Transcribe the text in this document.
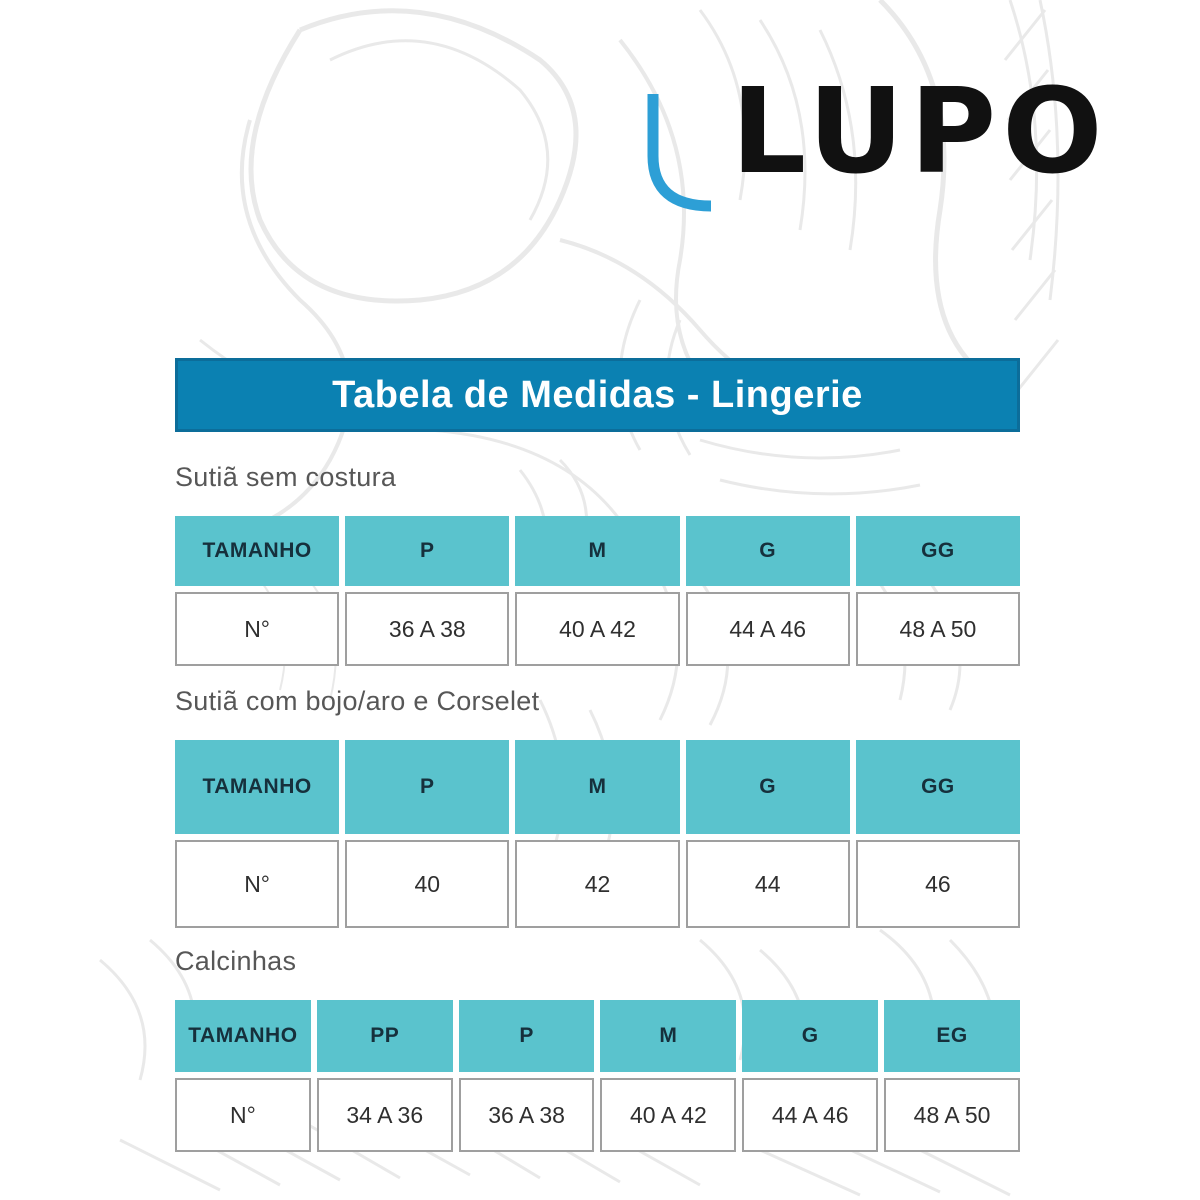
LUPO
Tabela de Medidas - Lingerie
Sutiã sem costura
TAMANHO	P	M	G	GG
N°	36 A 38	40 A 42	44 A 46	48 A 50
Sutiã com bojo/aro e Corselet
TAMANHO	P	M	G	GG
N°	40	42	44	46
Calcinhas
TAMANHO	PP	P	M	G	EG
N°	34 A 36	36 A 38	40 A 42	44 A 46	48 A 50
